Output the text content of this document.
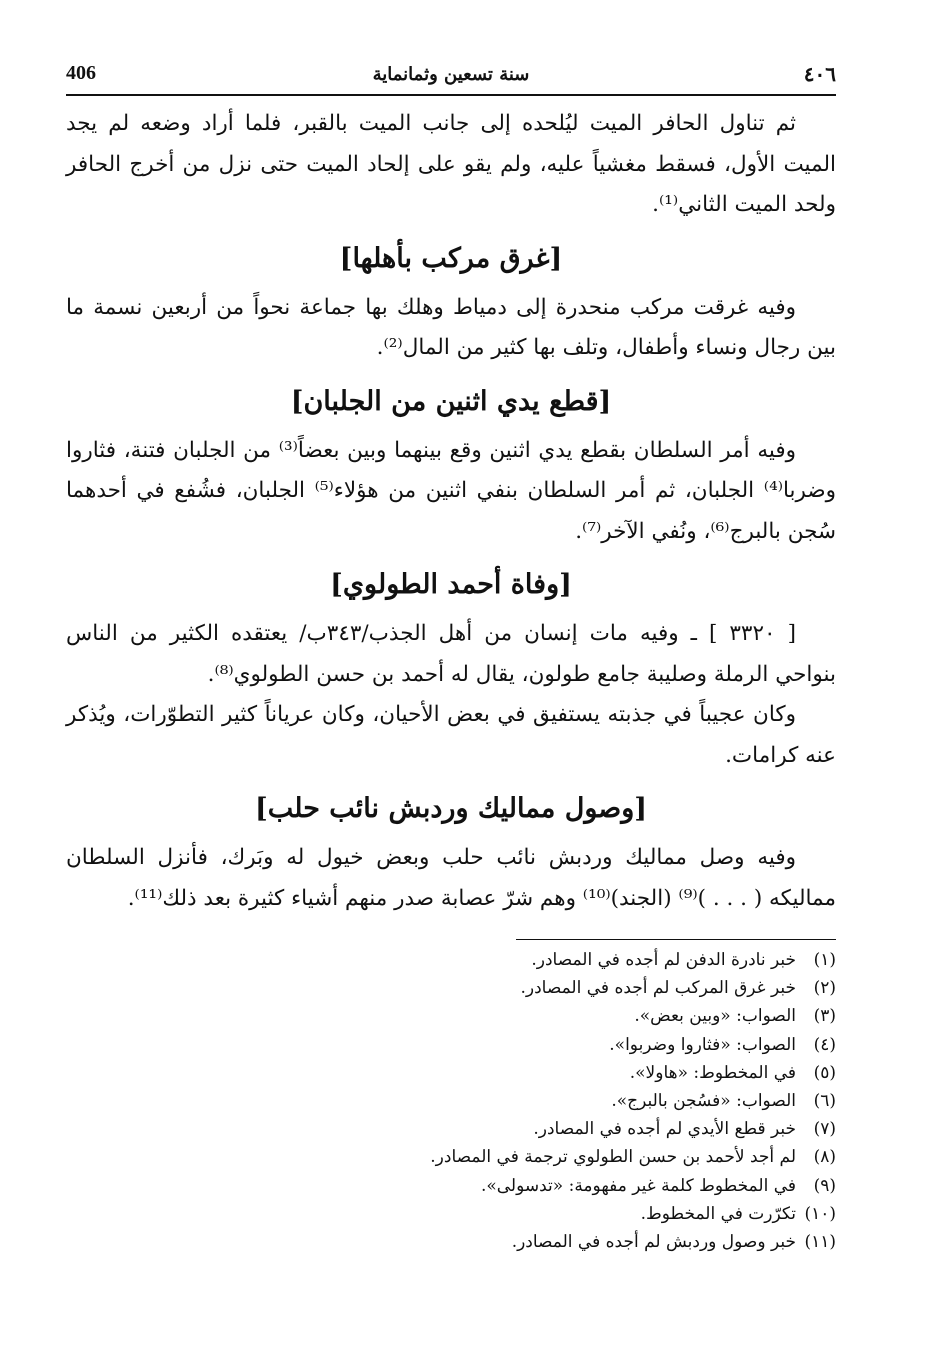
٤٠٦
سنة تسعين وثمانماية
406

ثم تناول الحافر الميت ليُلحده إلى جانب الميت بالقبر، فلما أراد وضعه لم يجد الميت الأول، فسقط مغشياً عليه، ولم يقو على إلحاد الميت حتى نزل من أخرج الحافر ولحد الميت الثاني⁽¹⁾.

[غرق مركب بأهلها]

وفيه غرقت مركب منحدرة إلى دمياط وهلك بها جماعة نحواً من أربعين نسمة ما بين رجال ونساء وأطفال، وتلف بها كثير من المال⁽²⁾.

[قطع يدي اثنين من الجلبان]

وفيه أمر السلطان بقطع يدي اثنين وقع بينهما وبين بعضاً⁽³⁾ من الجلبان فتنة، فثاروا وضربا⁽⁴⁾ الجلبان، ثم أمر السلطان بنفي اثنين من هؤلاء⁽⁵⁾ الجلبان، فشُفع في أحدهما سُجن بالبرج⁽⁶⁾، ونُفي الآخر⁽⁷⁾.

[وفاة أحمد الطولوي]

[ ٣٣٢٠ ] ـ وفيه مات إنسان من أهل الجذب/٣٤٣ب/ يعتقده الكثير من الناس بنواحي الرملة وصليبة جامع طولون، يقال له أحمد بن حسن الطولوي⁽⁸⁾.

وكان عجيباً في جذبته يستفيق في بعض الأحيان، وكان عرياناً كثير التطوّرات، ويُذكر عنه كرامات.

[وصول مماليك وردبش نائب حلب]

وفيه وصل مماليك وردبش نائب حلب وبعض خيول له وبَرك، فأنزل السلطان مماليكه ( . . . )⁽⁹⁾ (الجند)⁽¹⁰⁾ وهم شرّ عصابة صدر منهم أشياء كثيرة بعد ذلك⁽¹¹⁾.

(١)
خبر نادرة الدفن لم أجده في المصادر.
(٢)
خبر غرق المركب لم أجده في المصادر.
(٣)
الصواب: «وبين بعض».
(٤)
الصواب: «فثاروا وضربوا».
(٥)
في المخطوط: «هاولا».
(٦)
الصواب: «فسُجن بالبرج».
(٧)
خبر قطع الأيدي لم أجده في المصادر.
(٨)
لم أجد لأحمد بن حسن الطولوي ترجمة في المصادر.
(٩)
في المخطوط كلمة غير مفهومة: «تدسولى».
(١٠)
تكرّرت في المخطوط.
(١١)
خبر وصول وردبش لم أجده في المصادر.
